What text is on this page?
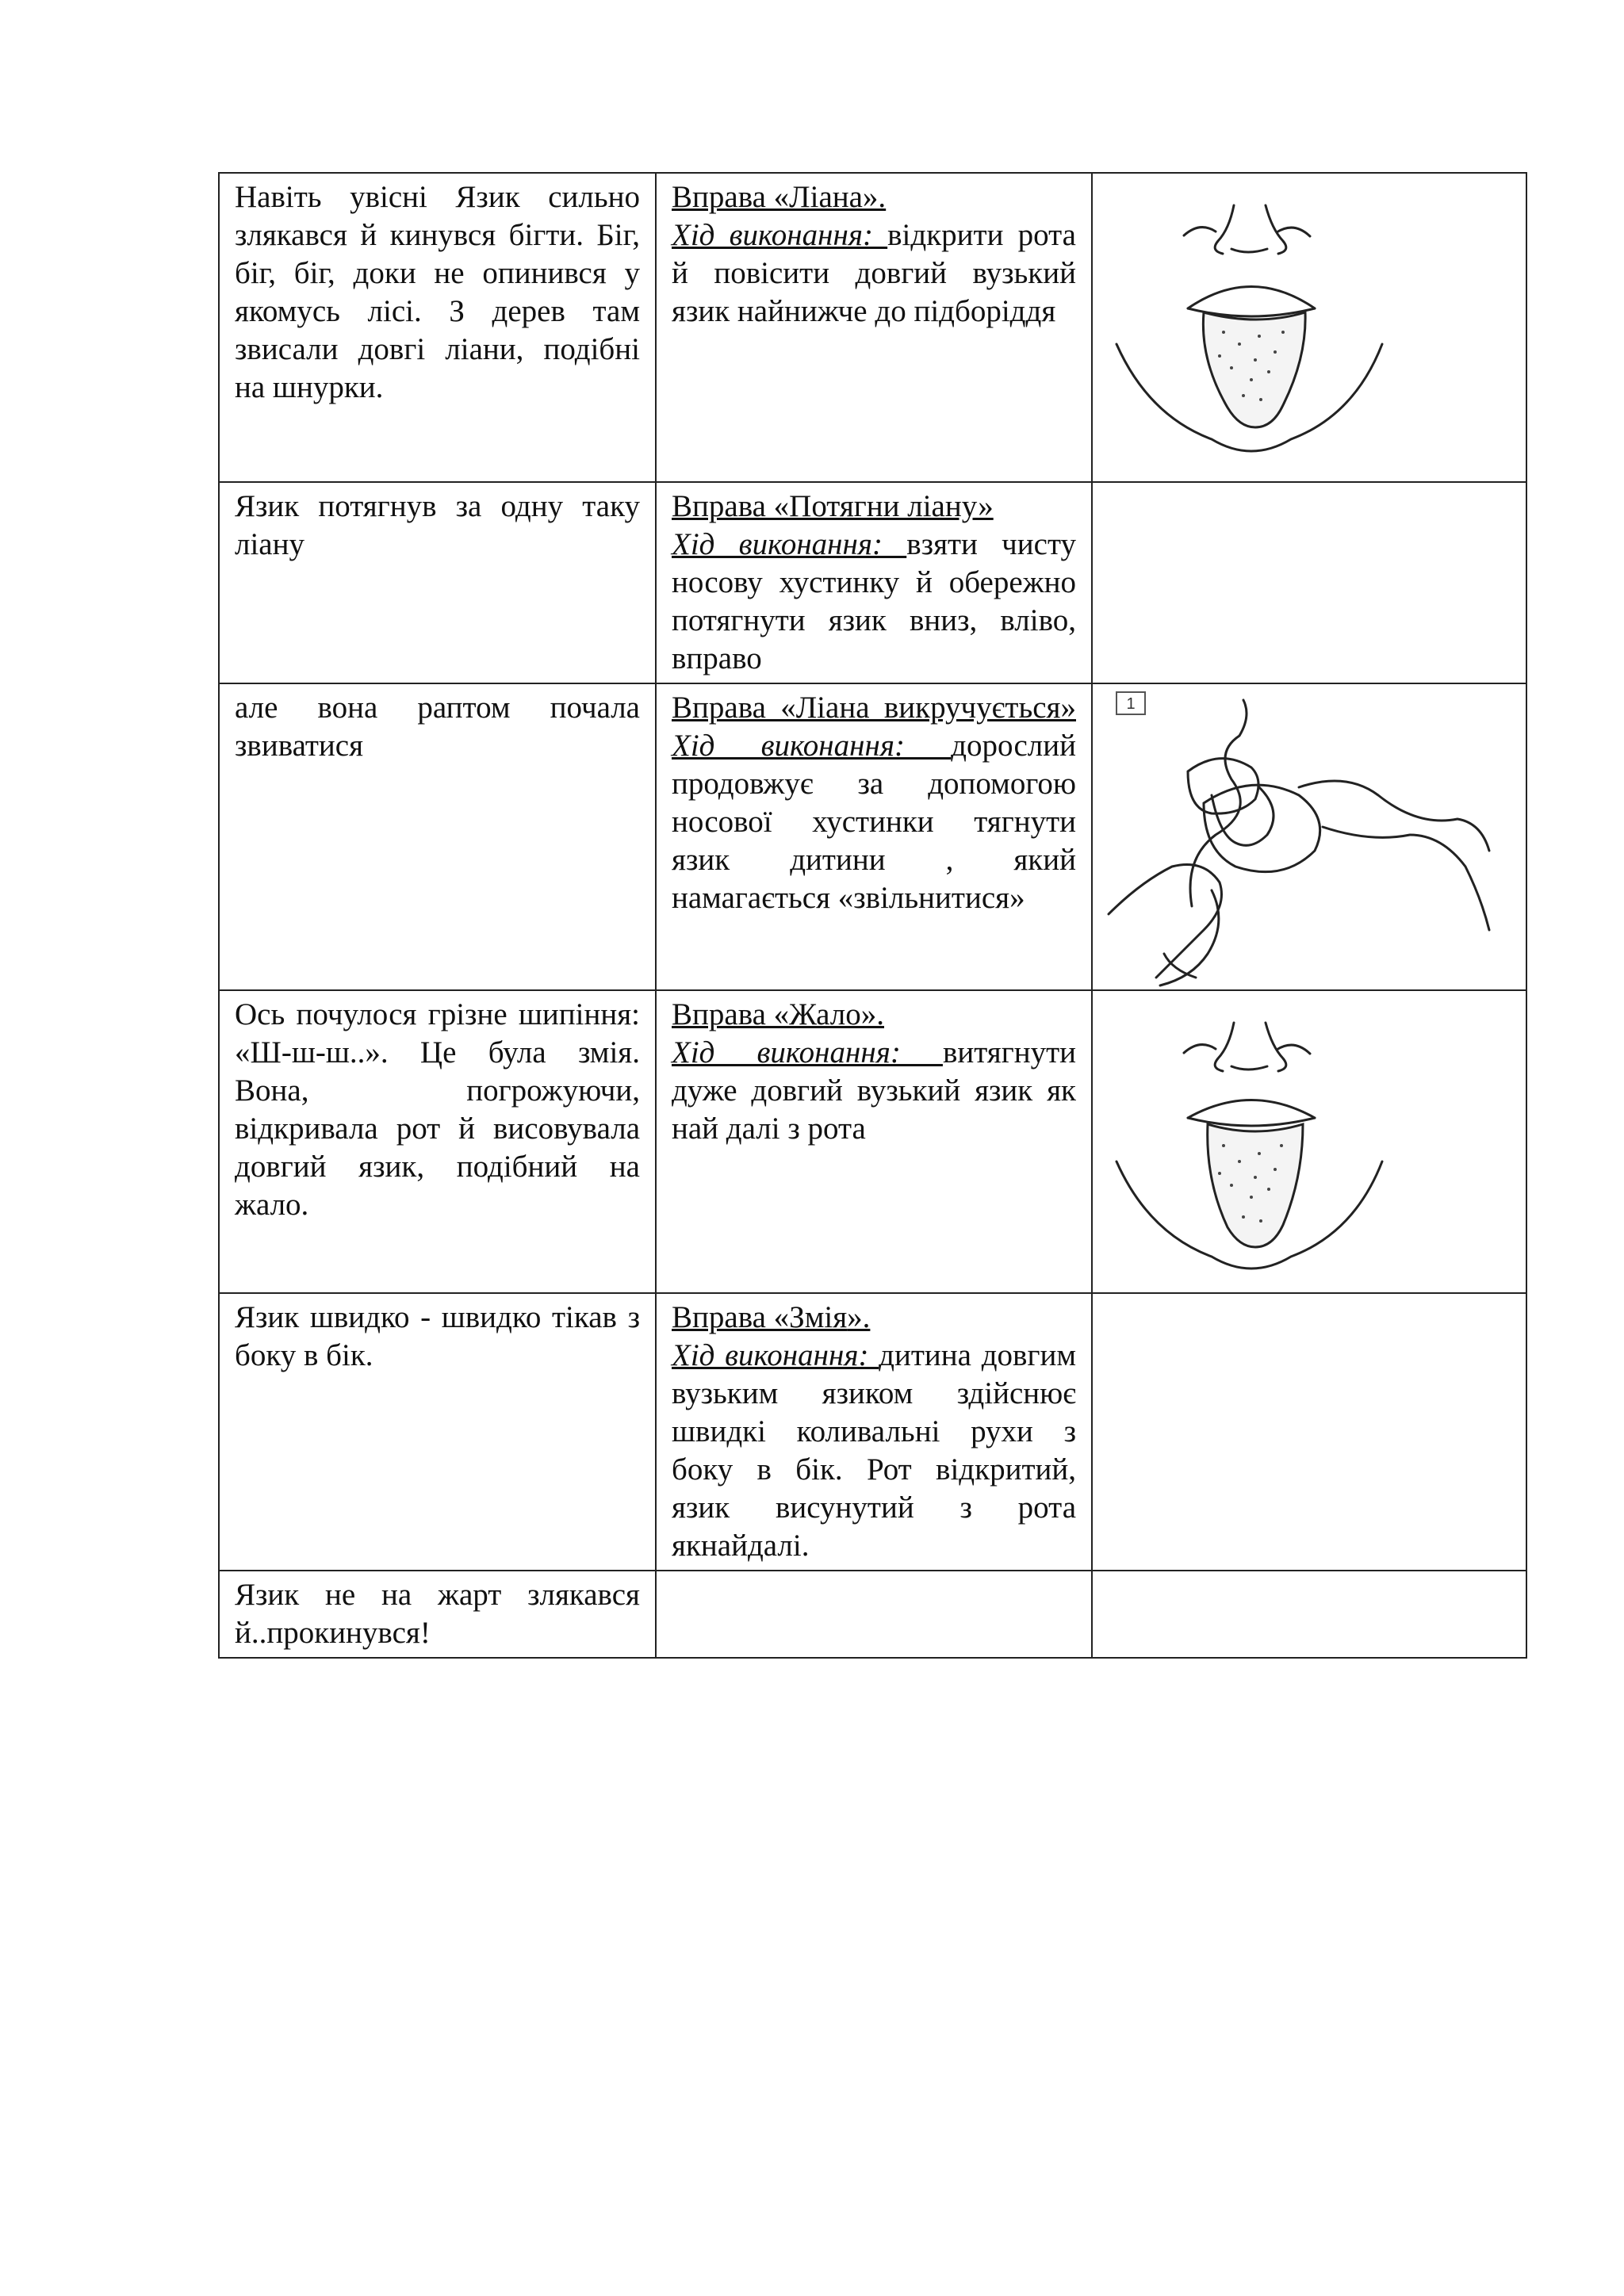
Навіть увісні Язик сильно злякався й кинувся бігти. Біг, біг, біг, доки не опинився у якомусь лісі. З дерев там звисали довгі ліани, подібні на шнурки.	Вправа «Ліана».
Хід виконання: відкрити рота й повісити довгий вузький язик найнижче до підборіддя	

Язик потягнув за одну таку ліану	Вправа «Потягни ліану»
Хід виконання: взяти чисту носову хустинку й обережно потягнути язик вниз, вліво, вправо	
але вона раптом почала звиватися	Вправа «Ліана викручується»
Хід виконання: дорослий продовжує за допомогою носової хустинки тягнути язик дитини , який намагається «звільнитися»	1

Ось почулося грізне шипіння: «Ш-ш-ш..». Це була змія. Вона, погрожуючи, відкривала рот й висовувала довгий язик, подібний на жало.	Вправа «Жало».
Хід виконання: витягнути дуже довгий вузький язик як най далі з рота	

Язик швидко - швидко тікав з боку в бік.	Вправа «Змія».
Хід виконання: дитина довгим вузьким язиком здійснює швидкі коливальні рухи з боку в бік. Рот відкритий, язик висунутий з рота якнайдалі.	
Язик не на жарт злякався й..прокинувся!		
